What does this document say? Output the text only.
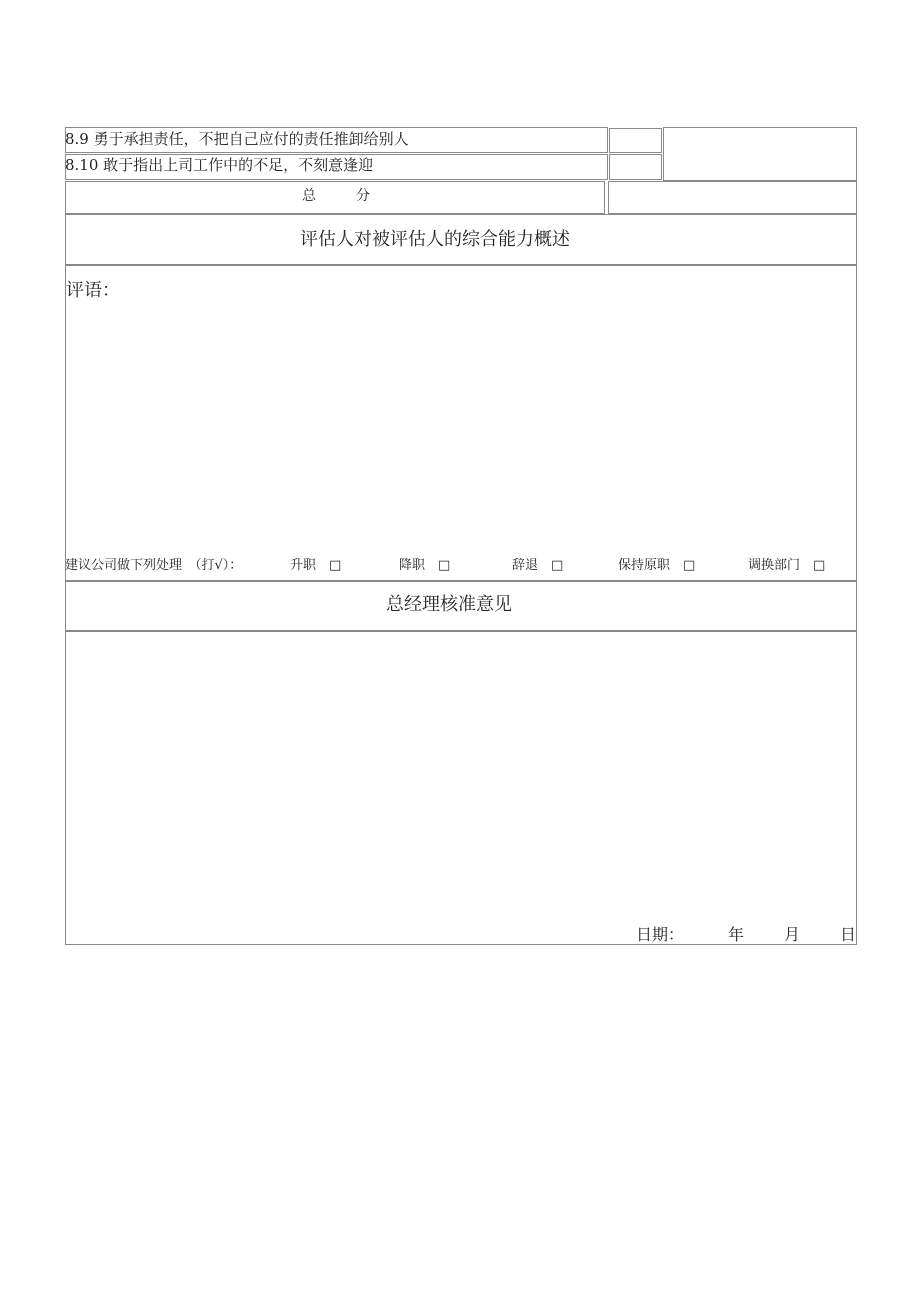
8.9 勇于承担责任，不把自己应付的责任推卸给别人
8.10 敢于指出上司工作中的不足，不刻意逢迎
总	分
评估人对被评估人的综合能力概述
评语：
建议公司做下列处理　（打√）：	升职　□	降职　□	辞退　□	保持原职　□	调换部门　□
总经理核准意见
日期：	年 月 日
